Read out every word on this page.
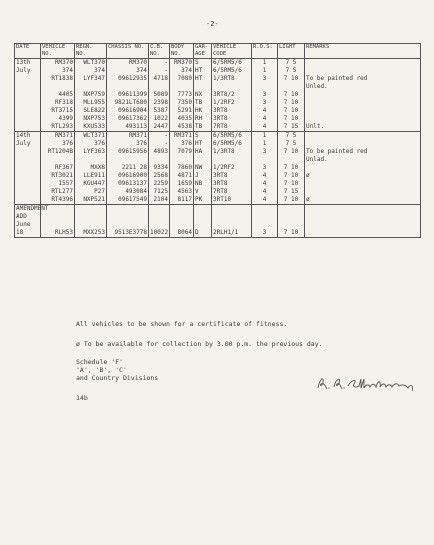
-2-
DATE	VEHICLE NO.	REGN. NO.	CHASSIS NO.	C.B. NO.	BODY NO.	GAR-AGE	VEHICLE CODE	R.O.S.	LIGHT	REMARKS
13th	RM370	WLT370	RM370	-	RM370	S	6/5RM5/6	1	7 5	
July	374	374	374	-	374	HT	6/5RM5/6	1	7 5	
	RT1838	LYF347	09612935	4718	7080	HT	1/3RT8	3	7 10	To be painted red
										Unled.
	4405	NXP759	09611399	5089	7773	NX	3RT8/2	3	7 10	
	RF318	MLL955	9821LT680	2398	7350	TB	1/2RF2	3	7 10	
	RT3715	SLE822	09616904	5387	5291	HK	3RT8	4	7 10	
	4399	NXP753	09617362	1022	4035	RH	3RT8	4	7 10	
	RTL293	KXU533	493113	2447	4538	TB	7RT8	4	7 15	Unlt.
14th	RM371	WLT371	RM371	-	RM371	S	6/5RM5/6	1	7 5	
July	376	376	376	-	376	HT	6/5RM5/6	1	7 5	
	RT1204B	LYF363	09615956	4893	7079	HA	1/3RT8	3	7 10	To be painted red
										Unlad.
	RF367	MXX8	2211 28	9334	7860	NW	1/2RF2	3	7 10	
	RT3021	LLE911	09616900	2568	4871	J	3RT8	4	7 10	ø
	1557	KGU447	09613137	2259	1659	NB	3RT8	4	7 10	
	RTL277	P27	493084	7125	4563	V	7RT8	4	7 15	
	RT4396	NXP521	09617549	2104	8117	PK	3RT10	4	7 10	ø
AMENDMENT										
ADD										
June										
18	RLH53	MXX253	9513E3778	10022	8064	D	2RLH1/1	3	7 10	
All vehicles to be shown for a certificate of fitness.
ø To be available for collection by 3.00 p.m. the previous day.
Schedule 'F'
'A', 'B', 'C'
and Country Divisions
14b
